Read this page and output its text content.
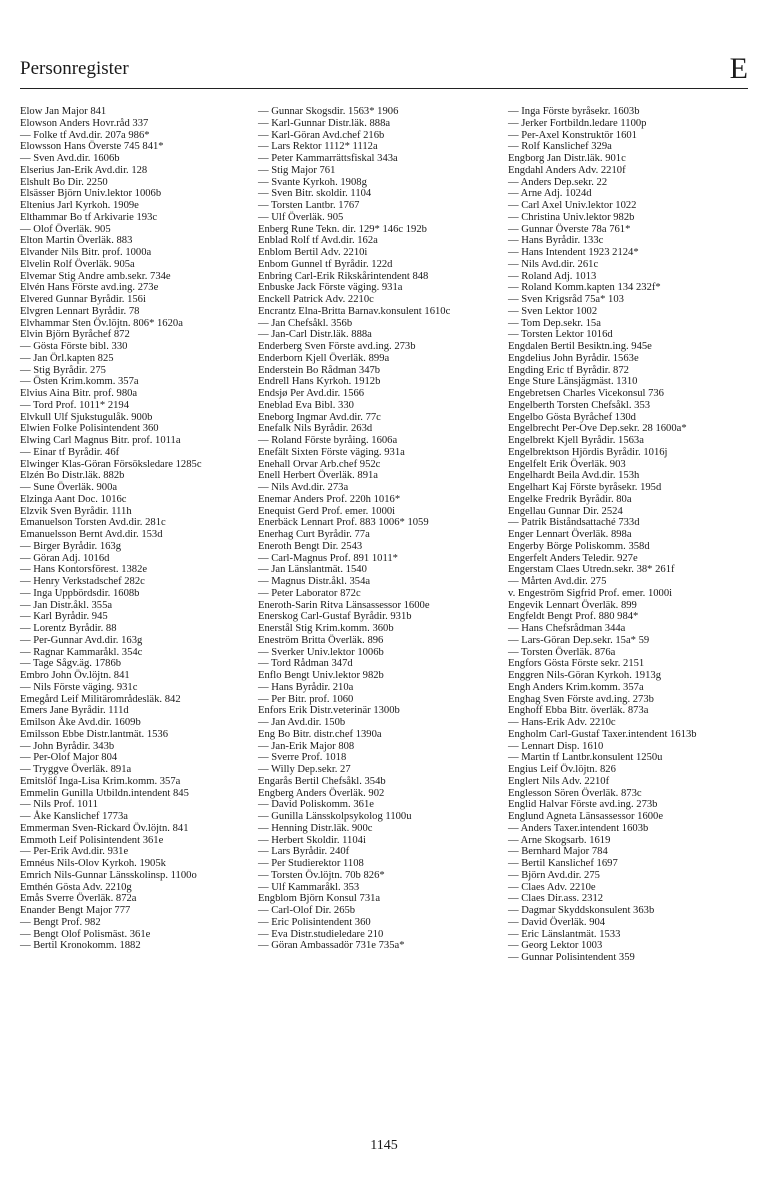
Personregister	E
Elow Jan Major 841
Elowson Anders Hovr.råd 337
— Folke tf Avd.dir. 207a 986*
Elowsson Hans Överste 745 841*
— Sven Avd.dir. 1606b
Elserius Jan-Erik Avd.dir. 128
Elshult Bo Dir. 2250
Elsässer Björn Univ.lektor 1006b
Eltenius Jarl Kyrkoh. 1909e
Elthammar Bo tf Arkivarie 193c
— Olof Överläk. 905
Elton Martin Överläk. 883
Elvander Nils Bitr. prof. 1000a
Elvelin Rolf Överläk. 905a
Elvemar Stig Andre amb.sekr. 734e
Elvén Hans Förste avd.ing. 273e
Elvered Gunnar Byrådir. 156i
Elvgren Lennart Byrådir. 78
Elvhammar Sten Öv.löjtn. 806* 1620a
Elvin Björn Byråchef 872
— Gösta Förste bibl. 330
— Jan Örl.kapten 825
— Stig Byrådir. 275
— Östen Krim.komm. 357a
Elvius Aina Bitr. prof. 980a
— Tord Prof. 1011* 2194
Elvkull Ulf Sjukstugulåk. 900b
Elwien Folke Polisintendent 360
Elwing Carl Magnus Bitr. prof. 1011a
— Einar tf Byrådir. 46f
Elwinger Klas-Göran Försöksledare 1285c
Elzén Bo Distr.läk. 882b
— Sune Överläk. 900a
Elzinga Aant Doc. 1016c
Elzvik Sven Byrådir. 111h
Emanuelson Torsten Avd.dir. 281c
Emanuelsson Bernt Avd.dir. 153d
— Birger Byrådir. 163g
— Göran Adj. 1016d
— Hans Kontorsförest. 1382e
— Henry Verkstadschef 282c
— Inga Uppbördsdir. 1608b
— Jan Distr.åkl. 355a
— Karl Byrådir. 945
— Lorentz Byrådir. 88
— Per-Gunnar Avd.dir. 163g
— Ragnar Kammaråkl. 354c
— Tage Sågv.äg. 1786b
Embro John Öv.löjtn. 841
— Nils Förste väging. 931c
Emegård Leif Militärområdesläk. 842
Emers Jane Byrådir. 111d
Emilson Åke Avd.dir. 1609b
Emilsson Ebbe Distr.lantmät. 1536
— John Byrådir. 343b
— Per-Olof Major 804
— Tryggve Överläk. 891a
Emitslöf Inga-Lisa Krim.komm. 357a
Emmelin Gunilla Utbildn.intendent 845
— Nils Prof. 1011
— Åke Kanslichef 1773a
Emmerman Sven-Rickard Öv.löjtn. 841
Emmoth Leif Polisintendent 361e
— Per-Erik Avd.dir. 931e
Emnéus Nils-Olov Kyrkoh. 1905k
Emrich Nils-Gunnar Länsskolinsp. 1100o
Emthén Gösta Adv. 2210g
Emås Sverre Överläk. 872a
Enander Bengt Major 777
— Bengt Prof. 982
— Bengt Olof Polismäst. 361e
— Bertil Kronokomm. 1882
— Gunnar Skogsdir. 1563* 1906
— Karl-Gunnar Distr.läk. 888a
— Karl-Göran Avd.chef 216b
— Lars Rektor 1112* 1112a
— Peter Kammarrättsfiskal 343a
— Stig Major 761
— Svante Kyrkoh. 1908g
— Sven Bitr. skoldir. 1104
— Torsten Lantbr. 1767
— Ulf Överläk. 905
Enberg Rune Tekn. dir. 129* 146c 192b
Enblad Rolf tf Avd.dir. 162a
Enblom Bertil Adv. 2210i
Enbom Gunnel tf Byrådir. 122d
Enbring Carl-Erik Rikskårintendent 848
Enbuske Jack Förste väging. 931a
Enckell Patrick Adv. 2210c
Encrantz Elna-Britta Barnav.konsulent 1610c
— Jan Chefsåkl. 356b
— Jan-Carl Distr.läk. 888a
Enderberg Sven Förste avd.ing. 273b
Enderborn Kjell Överläk. 899a
Enderstein Bo Rådman 347b
Endrell Hans Kyrkoh. 1912b
Endsjø Per Avd.dir. 1566
Eneblad Eva Bibl. 330
Eneborg Ingmar Avd.dir. 77c
Enefalk Nils Byrådir. 263d
— Roland Förste byråing. 1606a
Enefält Sixten Förste väging. 931a
Enehall Orvar Arb.chef 952c
Enell Herbert Överläk. 891a
— Nils Avd.dir. 273a
Enemar Anders Prof. 220h 1016*
Enequist Gerd Prof. emer. 1000i
Enerbäck Lennart Prof. 883 1006* 1059
Enerhag Curt Byrådir. 77a
Eneroth Bengt Dir. 2543
— Carl-Magnus Prof. 891 1011*
— Jan Länslantmät. 1540
— Magnus Distr.åkl. 354a
— Peter Laborator 872c
Eneroth-Sarin Ritva Länsassessor 1600e
Enerskog Carl-Gustaf Byrådir. 931b
Enerstål Stig Krim.komm. 360b
Eneström Britta Överläk. 896
— Sverker Univ.lektor 1006b
— Tord Rådman 347d
Enflo Bengt Univ.lektor 982b
— Hans Byrådir. 210a
— Per Bitr. prof. 1060
Enfors Erik Distr.veterinär 1300b
— Jan Avd.dir. 150b
Eng Bo Bitr. distr.chef 1390a
— Jan-Erik Major 808
— Sverre Prof. 1018
— Willy Dep.sekr. 27
Engarås Bertil Chefsåkl. 354b
Engberg Anders Överläk. 902
— David Poliskomm. 361e
— Gunilla Länsskolpsykolog 1100u
— Henning Distr.läk. 900c
— Herbert Skoldir. 1104i
— Lars Byrådir. 240f
— Per Studierektor 1108
— Torsten Öv.löjtn. 70b 826*
— Ulf Kammaråkl. 353
Engblom Björn Konsul 731a
— Carl-Olof Dir. 265b
— Eric Polisintendent 360
— Eva Distr.studieledare 210
— Göran Ambassadör 731e 735a*
— Inga Förste byråsekr. 1603b
— Jerker Fortbildn.ledare 1100p
— Per-Axel Konstruktör 1601
— Rolf Kanslichef 329a
Engborg Jan Distr.läk. 901c
Engdahl Anders Adv. 2210f
— Anders Dep.sekr. 22
— Arne Adj. 1024d
— Carl Axel Univ.lektor 1022
— Christina Univ.lektor 982b
— Gunnar Överste 78a 761*
— Hans Byrådir. 133c
— Hans Intendent 1923 2124*
— Nils Avd.dir. 261c
— Roland Adj. 1013
— Roland Komm.kapten 134 232f*
— Sven Krigsråd 75a* 103
— Sven Lektor 1002
— Tom Dep.sekr. 15a
— Torsten Lektor 1016d
Engdalen Bertil Besiktn.ing. 945e
Engdelius John Byrådir. 1563e
Engding Eric tf Byrådir. 872
Enge Sture Länsjägmäst. 1310
Engebretsen Charles Vicekonsul 736
Engelberth Torsten Chefsåkl. 353
Engelbo Gösta Byråchef 130d
Engelbrecht Per-Ove Dep.sekr. 28 1600a*
Engelbrekt Kjell Byrådir. 1563a
Engelbrektson Hjördis Byrådir. 1016j
Engelfelt Erik Överläk. 903
Engelhardt Beila Avd.dir. 153h
Engelhart Kaj Förste byråsekr. 195d
Engelke Fredrik Byrådir. 80a
Engellau Gunnar Dir. 2524
— Patrik Biståndsattaché 733d
Enger Lennart Överläk. 898a
Engerby Börge Poliskomm. 358d
Engerfelt Anders Teledir. 927e
Engerstam Claes Utredn.sekr. 38* 261f
— Mårten Avd.dir. 275
v. Engeström Sigfrid Prof. emer. 1000i
Engevik Lennart Överläk. 899
Engfeldt Bengt Prof. 880 984*
— Hans Chefsrådman 344a
— Lars-Göran Dep.sekr. 15a* 59
— Torsten Överläk. 876a
Engfors Gösta Förste sekr. 2151
Enggren Nils-Göran Kyrkoh. 1913g
Engh Anders Krim.komm. 357a
Enghag Sven Förste avd.ing. 273b
Enghoff Ebba Bitr. överläk. 873a
— Hans-Erik Adv. 2210c
Engholm Carl-Gustaf Taxer.intendent 1613b
— Lennart Disp. 1610
— Martin tf Lantbr.konsulent 1250u
Engius Leif Öv.löjtn. 826
Englert Nils Adv. 2210f
Englesson Sören Överläk. 873c
Englid Halvar Förste avd.ing. 273b
Englund Agneta Länsassessor 1600e
— Anders Taxer.intendent 1603b
— Arne Skogsarb. 1619
— Bernhard Major 784
— Bertil Kanslichef 1697
— Björn Avd.dir. 275
— Claes Adv. 2210e
— Claes Dir.ass. 2312
— Dagmar Skyddskonsulent 363b
— David Överläk. 904
— Eric Länslantmät. 1533
— Georg Lektor 1003
— Gunnar Polisintendent 359
1145
